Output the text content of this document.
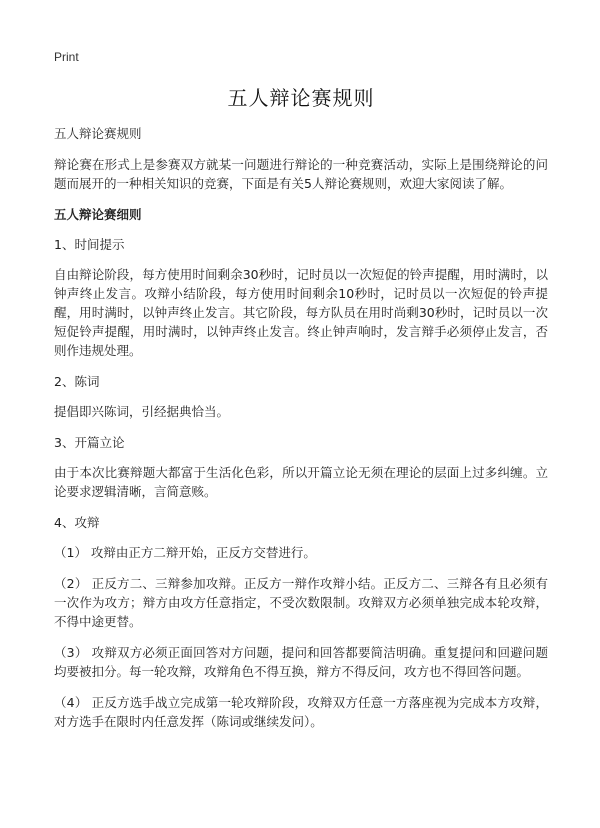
Print
五人辩论赛规则
五人辩论赛规则

辩论赛在形式上是参赛双方就某一问题进行辩论的一种竞赛活动，实际上是围绕辩论的问题而展开的一种相关知识的竞赛，下面是有关5人辩论赛规则，欢迎大家阅读了解。

五人辩论赛细则
1、时间提示

自由辩论阶段，每方使用时间剩余30秒时，记时员以一次短促的铃声提醒，用时满时，以钟声终止发言。攻辩小结阶段，每方使用时间剩余10秒时，记时员以一次短促的铃声提醒，用时满时，以钟声终止发言。其它阶段，每方队员在用时尚剩30秒时，记时员以一次短促铃声提醒，用时满时，以钟声终止发言。终止钟声响时，发言辩手必须停止发言，否则作违规处理。

2、陈词

提倡即兴陈词，引经据典恰当。

3、开篇立论

由于本次比赛辩题大都富于生活化色彩，所以开篇立论无须在理论的层面上过多纠缠。立论要求逻辑清晰，言简意赅。

4、攻辩

（1） 攻辩由正方二辩开始，正反方交替进行。

（2） 正反方二、三辩参加攻辩。正反方一辩作攻辩小结。正反方二、三辩各有且必须有一次作为攻方；辩方由攻方任意指定，不受次数限制。攻辩双方必须单独完成本轮攻辩，不得中途更替。

（3） 攻辩双方必须正面回答对方问题，提问和回答都要简洁明确。重复提问和回避问题均要被扣分。每一轮攻辩，攻辩角色不得互换，辩方不得反问，攻方也不得回答问题。

（4） 正反方选手战立完成第一轮攻辩阶段，攻辩双方任意一方落座视为完成本方攻辩，对方选手在限时内任意发挥（陈词或继续发问）。
